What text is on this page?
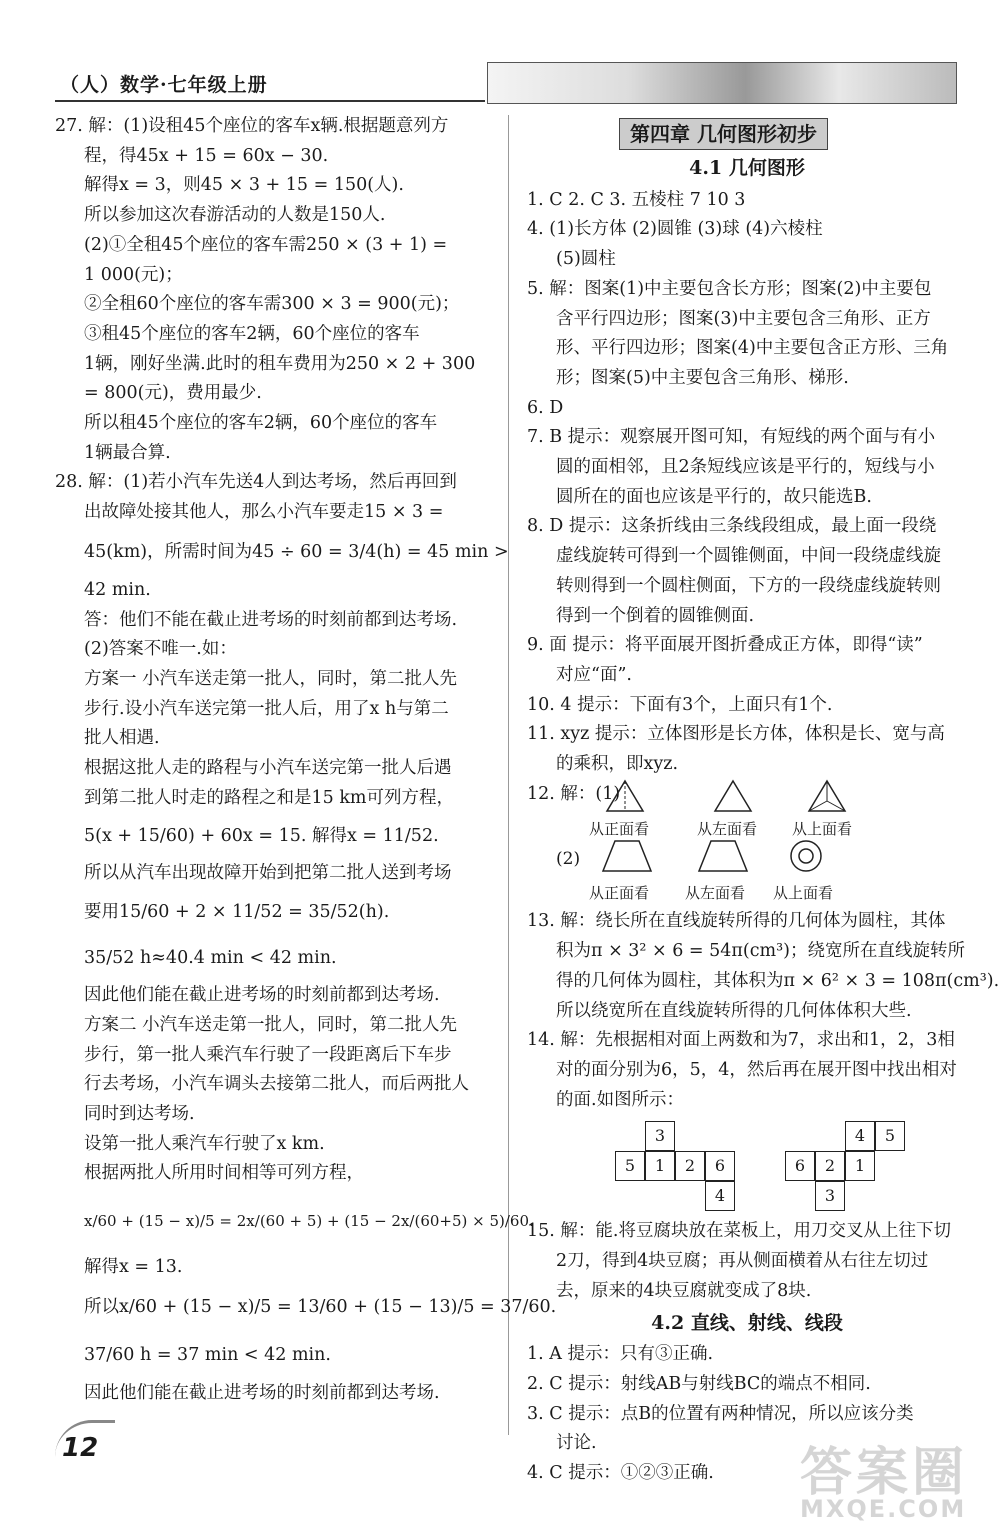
（人）数学·七年级上册

27. 解：(1)设租45个座位的客车x辆.根据题意列方

程，得45x + 15 = 60x − 30.

解得x = 3，则45 × 3 + 15 = 150(人).

所以参加这次春游活动的人数是150人.

(2)①全租45个座位的客车需250 × (3 + 1) =

1 000(元)；

②全租60个座位的客车需300 × 3 = 900(元)；

③租45个座位的客车2辆，60个座位的客车

1辆，刚好坐满.此时的租车费用为250 × 2 + 300

= 800(元)，费用最少.

所以租45个座位的客车2辆，60个座位的客车

1辆最合算.

28. 解：(1)若小汽车先送4人到达考场，然后再回到

出故障处接其他人，那么小汽车要走15 × 3 =

45(km)，所需时间为45 ÷ 60 = 3/4(h) = 45 min >

42 min.

答：他们不能在截止进考场的时刻前都到达考场.

(2)答案不唯一.如：

方案一 小汽车送走第一批人，同时，第二批人先

步行.设小汽车送完第一批人后，用了x h与第二

批人相遇.

根据这批人走的路程与小汽车送完第一批人后遇

到第二批人时走的路程之和是15 km可列方程，

5(x + 15/60) + 60x = 15. 解得x = 11/52.

所以从汽车出现故障开始到把第二批人送到考场

要用15/60 + 2 × 11/52 = 35/52(h).

35/52 h≈40.4 min < 42 min.

因此他们能在截止进考场的时刻前都到达考场.

方案二 小汽车送走第一批人，同时，第二批人先

步行，第一批人乘汽车行驶了一段距离后下车步

行去考场，小汽车调头去接第二批人，而后两批人

同时到达考场.

设第一批人乘汽车行驶了x km.

根据两批人所用时间相等可列方程，

x/60 + (15 − x)/5 = 2x/(60 + 5) + (15 − 2x/(60+5) × 5)/60.

解得x = 13.

所以x/60 + (15 − x)/5 = 13/60 + (15 − 13)/5 = 37/60.

37/60 h = 37 min < 42 min.

因此他们能在截止进考场的时刻前都到达考场.

第四章 几何图形初步
4.1 几何图形

1. C 2. C 3. 五棱柱 7 10 3

4. (1)长方体 (2)圆锥 (3)球 (4)六棱柱

(5)圆柱

5. 解：图案(1)中主要包含长方形；图案(2)中主要包

含平行四边形；图案(3)中主要包含三角形、正方

形、平行四边形；图案(4)中主要包含正方形、三角

形；图案(5)中主要包含三角形、梯形.

6. D

7. B 提示：观察展开图可知，有短线的两个面与有小

圆的面相邻，且2条短线应该是平行的，短线与小

圆所在的面也应该是平行的，故只能选B.

8. D 提示：这条折线由三条线段组成，最上面一段绕

虚线旋转可得到一个圆锥侧面，中间一段绕虚线旋

转则得到一个圆柱侧面，下方的一段绕虚线旋转则

得到一个倒着的圆锥侧面.

9. 面 提示：将平面展开图折叠成正方体，即得“读”

对应“面”.

10. 4 提示：下面有3个，上面只有1个.

11. xyz 提示：立体图形是长方体，体积是长、宽与高

的乘积，即xyz.

12. 解：(1)

从正面看	从左面看 从上面看
(2)
从正面看 从左面看 从上面看

13. 解：绕长所在直线旋转所得的几何体为圆柱，其体

积为π × 3² × 6 = 54π(cm³)；绕宽所在直线旋转所

得的几何体为圆柱，其体积为π × 6² × 3 = 108π(cm³).

所以绕宽所在直线旋转所得的几何体体积大些.

14. 解：先根据相对面上两数和为7，求出和1，2，3相

对的面分别为6，5，4，然后再在展开图中找出相对

的面.如图所示：

3
5	1	2	6
4
4	5
6	2	1
3

15. 解：能.将豆腐块放在菜板上，用刀交叉从上往下切

2刀，得到4块豆腐；再从侧面横着从右往左切过

去，原来的4块豆腐就变成了8块.

4.2 直线、射线、线段

1. A 提示：只有③正确.

2. C 提示：射线AB与射线BC的端点不相同.

3. C 提示：点B的位置有两种情况，所以应该分类

讨论.

4. C 提示：①②③正确.

12	答案圈
MXQE.COM
